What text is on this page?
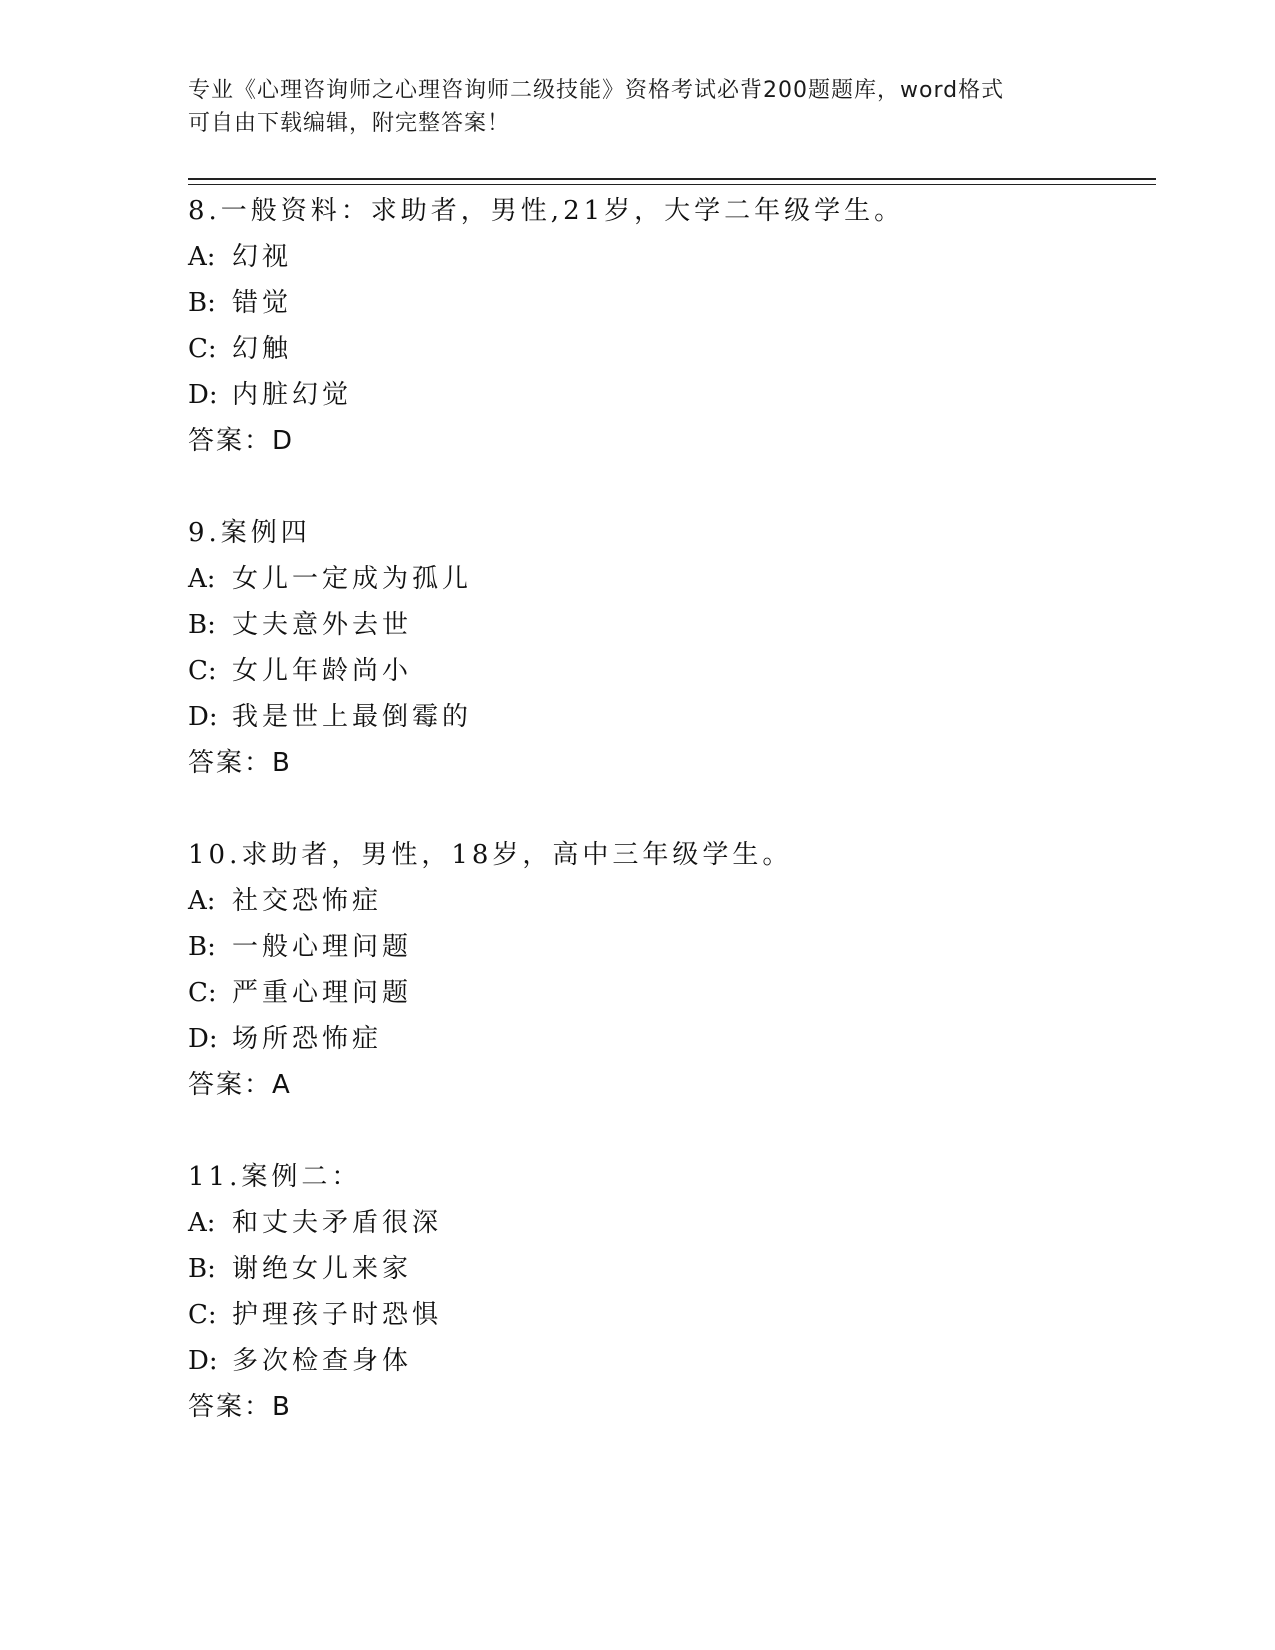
专业《心理咨询师之心理咨询师二级技能》资格考试必背200题题库，word格式
可自由下载编辑，附完整答案！
8.一般资料：求助者，男性,21岁，大学二年级学生。
A: 幻视
B: 错觉
C: 幻触
D: 内脏幻觉
答案：D
9.案例四
A: 女儿一定成为孤儿
B: 丈夫意外去世
C: 女儿年龄尚小
D: 我是世上最倒霉的
答案：B
10.求助者，男性，18岁，高中三年级学生。
A: 社交恐怖症
B: 一般心理问题
C: 严重心理问题
D: 场所恐怖症
答案：A
11.案例二：
A: 和丈夫矛盾很深
B: 谢绝女儿来家
C: 护理孩子时恐惧
D: 多次检查身体
答案：B
